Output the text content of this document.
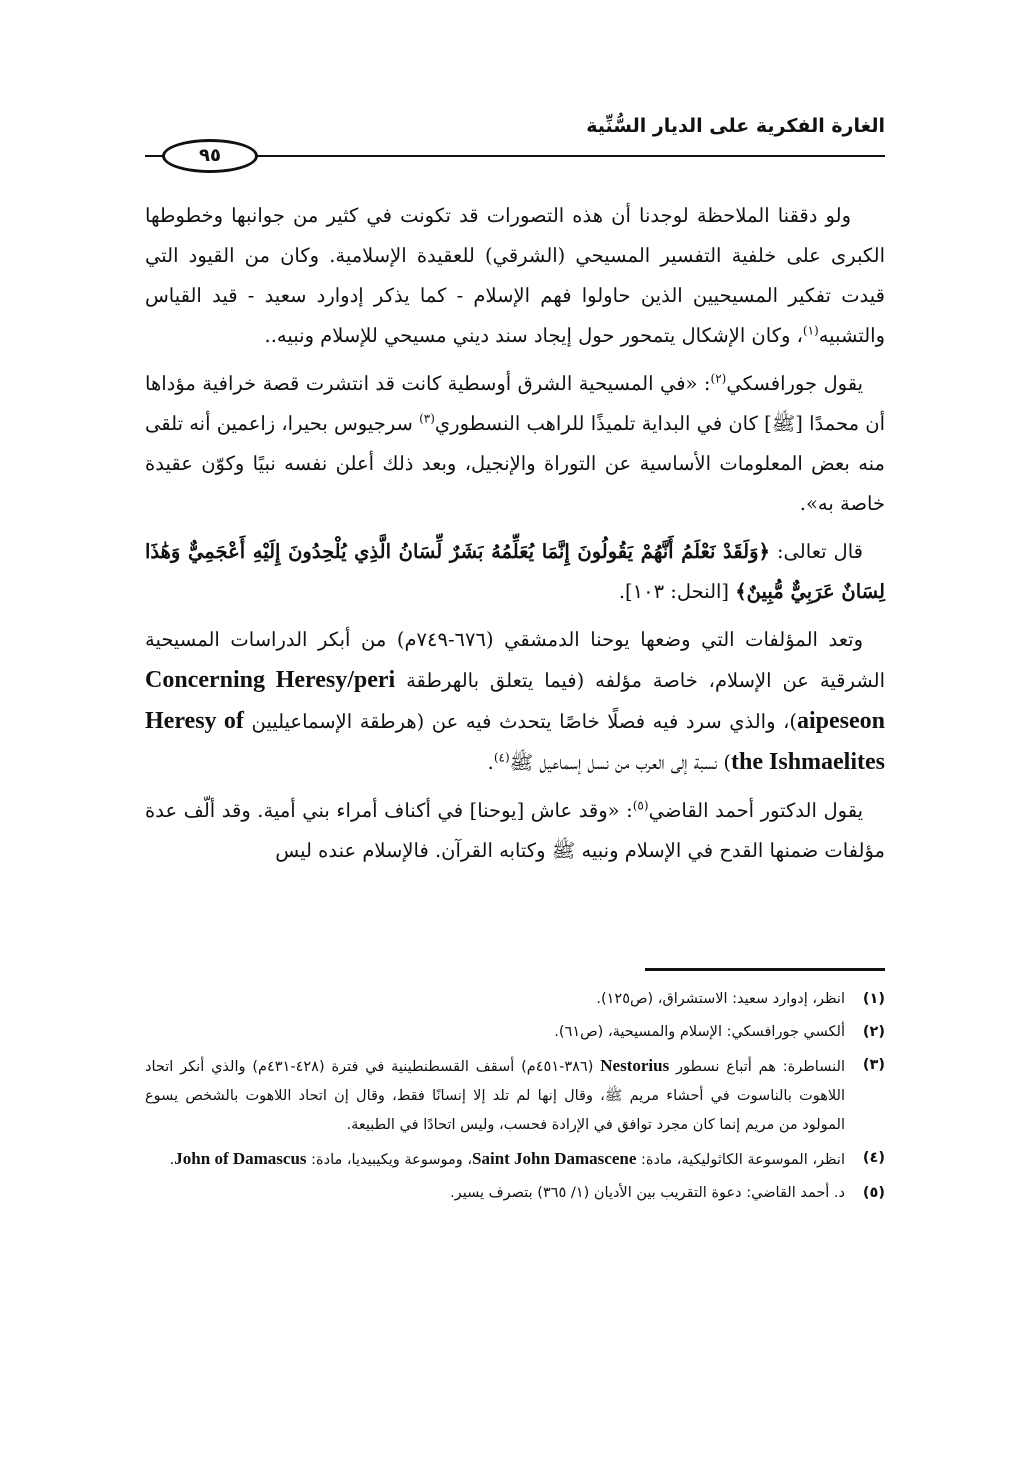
الغارة الفكرية على الديار السُّنِّية
٩٥

ولو دققنا الملاحظة لوجدنا أن هذه التصورات قد تكونت في كثير من جوانبها وخطوطها الكبرى على خلفية التفسير المسيحي (الشرقي) للعقيدة الإسلامية. وكان من القيود التي قيدت تفكير المسيحيين الذين حاولوا فهم الإسلام - كما يذكر إدوارد سعيد - قيد القياس والتشبيه$^{(١)}$، وكان الإشكال يتمحور حول إيجاد سند ديني مسيحي للإسلام ونبيه..

يقول جورافسكي$^{(٢)}$: «في المسيحية الشرق أوسطية كانت قد انتشرت قصة خرافية مؤداها أن محمدًا [ﷺ] كان في البداية تلميذًا للراهب النسطوري$^{(٣)}$ سرجيوس بحيرا، زاعمين أنه تلقى منه بعض المعلومات الأساسية عن التوراة والإنجيل، وبعد ذلك أعلن نفسه نبيًا وكوّن عقيدة خاصة به».

قال تعالى: ﴿وَلَقَدْ نَعْلَمُ أَنَّهُمْ يَقُولُونَ إِنَّمَا يُعَلِّمُهُ بَشَرٌ لِّسَانُ الَّذِي يُلْحِدُونَ إِلَيْهِ أَعْجَمِيٌّ وَهَٰذَا لِسَانٌ عَرَبِيٌّ مُّبِينٌ﴾ [النحل: ١٠٣].

وتعد المؤلفات التي وضعها يوحنا الدمشقي (٦٧٦-٧٤٩م) من أبكر الدراسات المسيحية الشرقية عن الإسلام، خاصة مؤلفه (فيما يتعلق بالهرطقة Concerning Heresy/peri aipeseon)، والذي سرد فيه فصلًا خاصًا يتحدث فيه عن (هرطقة الإسماعيليين Heresy of the Ishmaelites) نسبة إلى العرب من نسل إسماعيل ﷺ$^{(٤)}$.

يقول الدكتور أحمد القاضي$^{(٥)}$: «وقد عاش [يوحنا] في أكناف أمراء بني أمية. وقد ألّف عدة مؤلفات ضمنها القدح في الإسلام ونبيه ﷺ وكتابه القرآن. فالإسلام عنده ليس

(١)
انظر، إدوارد سعيد: الاستشراق، (ص١٢٥).
(٢)
ألكسي جورافسكي: الإسلام والمسيحية، (ص٦١).
(٣)
النساطرة: هم أتباع نسطور Nestorius (٣٨٦-٤٥١م) أسقف القسطنطينية في فترة (٤٢٨-٤٣١م) والذي أنكر اتحاد اللاهوت بالناسوت في أحشاء مريم ﷺ، وقال إنها لم تلد إلا إنسانًا فقط، وقال إن اتحاد اللاهوت بالشخص يسوع المولود من مريم إنما كان مجرد توافق في الإرادة فحسب، وليس اتحادًا في الطبيعة.
(٤)
انظر، الموسوعة الكاثوليكية، مادة: Saint John Damascene، وموسوعة ويكيبيديا، مادة: John of Damascus.
(٥)
د. أحمد القاضي: دعوة التقريب بين الأديان (١/ ٣٦٥) بتصرف يسير.
